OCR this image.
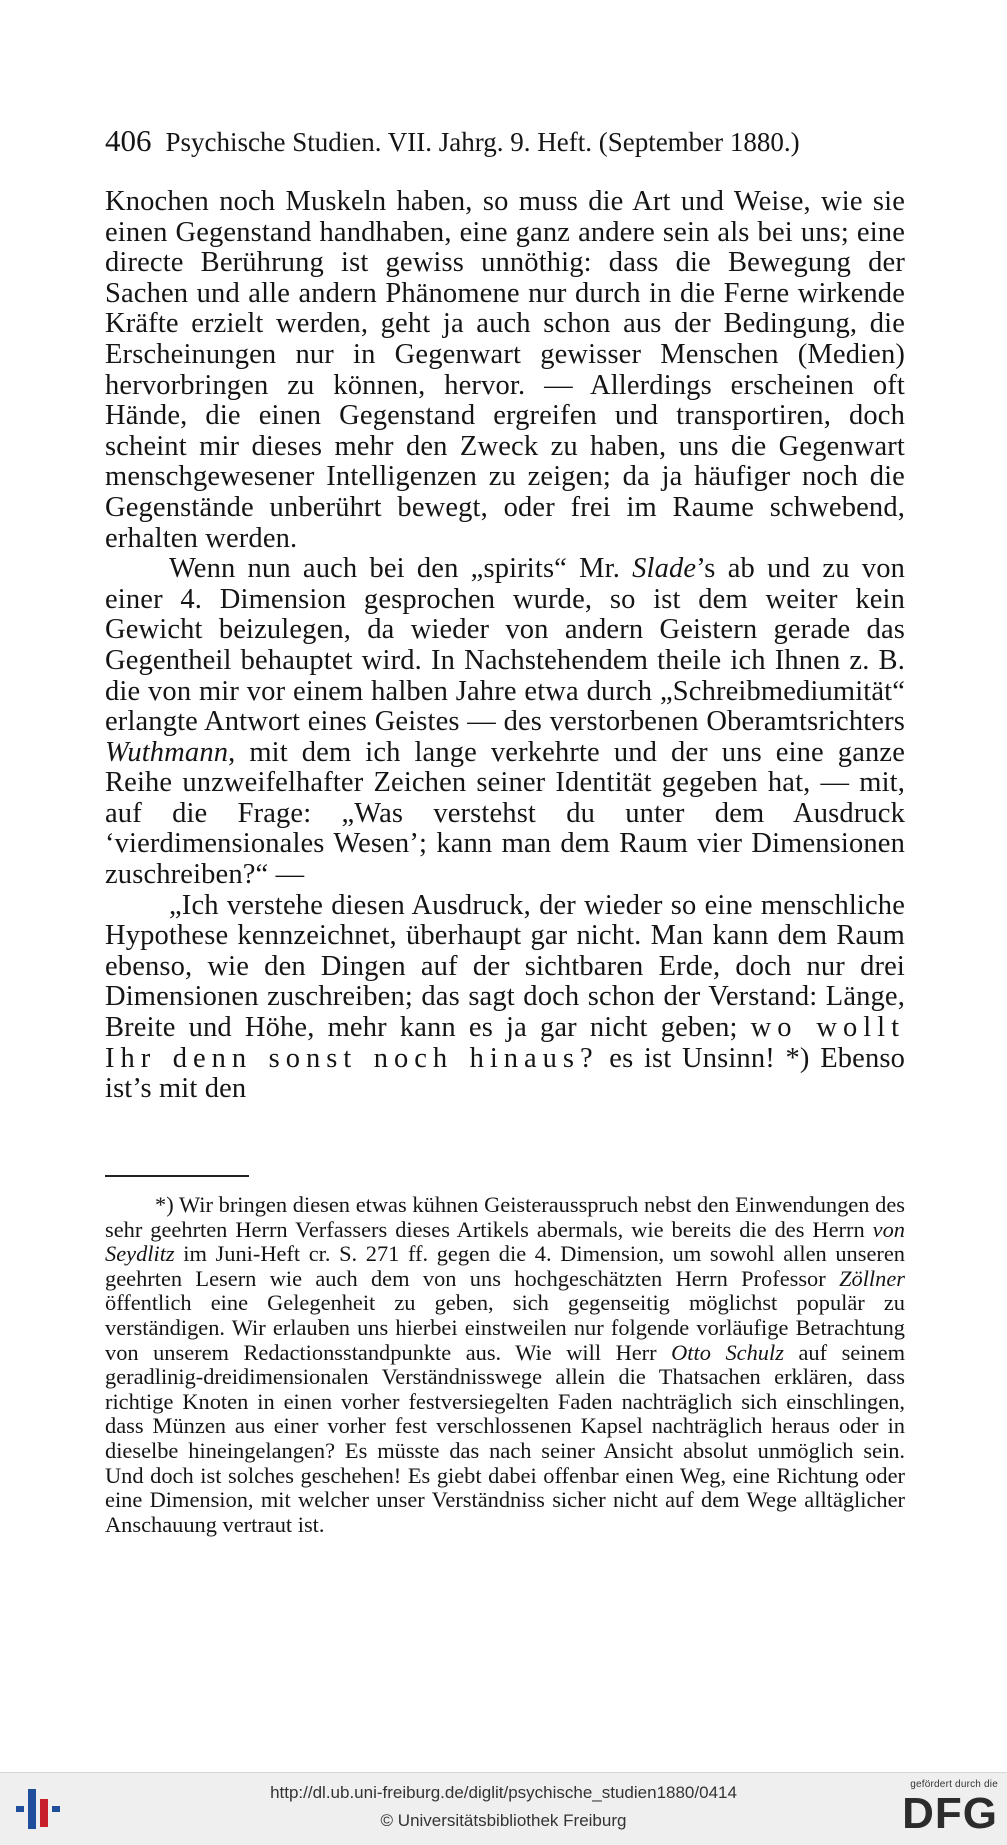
406 Psychische Studien. VII. Jahrg. 9. Heft. (September 1880.)

Knochen noch Muskeln haben, so muss die Art und Weise, wie sie einen Gegenstand handhaben, eine ganz andere sein als bei uns; eine directe Berührung ist gewiss unnöthig: dass die Bewegung der Sachen und alle andern Phänomene nur durch in die Ferne wirkende Kräfte erzielt werden, geht ja auch schon aus der Bedingung, die Erscheinungen nur in Gegenwart gewisser Menschen (Medien) hervorbringen zu können, hervor. — Allerdings erscheinen oft Hände, die einen Gegenstand ergreifen und transportiren, doch scheint mir dieses mehr den Zweck zu haben, uns die Gegenwart menschgewesener Intelligenzen zu zeigen; da ja häufiger noch die Gegenstände unberührt bewegt, oder frei im Raume schwebend, erhalten werden.

Wenn nun auch bei den „spirits“ Mr. Slade’s ab und zu von einer 4. Dimension gesprochen wurde, so ist dem weiter kein Gewicht beizulegen, da wieder von andern Geistern gerade das Gegentheil behauptet wird. In Nachstehendem theile ich Ihnen z. B. die von mir vor einem halben Jahre etwa durch „Schreibmediumität“ erlangte Antwort eines Geistes — des verstorbenen Oberamtsrichters Wuthmann, mit dem ich lange verkehrte und der uns eine ganze Reihe unzweifelhafter Zeichen seiner Identität gegeben hat, — mit, auf die Frage: „Was verstehst du unter dem Ausdruck ‘vierdimensionales Wesen’; kann man dem Raum vier Dimensionen zuschreiben?“ —

„Ich verstehe diesen Ausdruck, der wieder so eine menschliche Hypothese kennzeichnet, überhaupt gar nicht. Man kann dem Raum ebenso, wie den Dingen auf der sichtbaren Erde, doch nur drei Dimensionen zuschreiben; das sagt doch schon der Verstand: Länge, Breite und Höhe, mehr kann es ja gar nicht geben; wo wollt Ihr denn sonst noch hinaus? es ist Unsinn! *) Ebenso ist’s mit den

*) Wir bringen diesen etwas kühnen Geisterausspruch nebst den Einwendungen des sehr geehrten Herrn Verfassers dieses Artikels abermals, wie bereits die des Herrn von Seydlitz im Juni-Heft cr. S. 271 ff. gegen die 4. Dimension, um sowohl allen unseren geehrten Lesern wie auch dem von uns hochgeschätzten Herrn Professor Zöllner öffentlich eine Gelegenheit zu geben, sich gegenseitig möglichst populär zu verständigen. Wir erlauben uns hierbei einstweilen nur folgende vorläufige Betrachtung von unserem Redactionsstandpunkte aus. Wie will Herr Otto Schulz auf seinem geradlinig-dreidimensionalen Verständnisswege allein die Thatsachen erklären, dass richtige Knoten in einen vorher festversiegelten Faden nachträglich sich einschlingen, dass Münzen aus einer vorher fest verschlossenen Kapsel nachträglich heraus oder in dieselbe hineingelangen? Es müsste das nach seiner Ansicht absolut unmöglich sein. Und doch ist solches geschehen! Es giebt dabei offenbar einen Weg, eine Richtung oder eine Dimension, mit welcher unser Verständniss sicher nicht auf dem Wege alltäglicher Anschauung vertraut ist.

http://dl.ub.uni-freiburg.de/diglit/psychische_studien1880/0414
© Universitätsbibliothek Freiburg
gefördert durch die
DFG
